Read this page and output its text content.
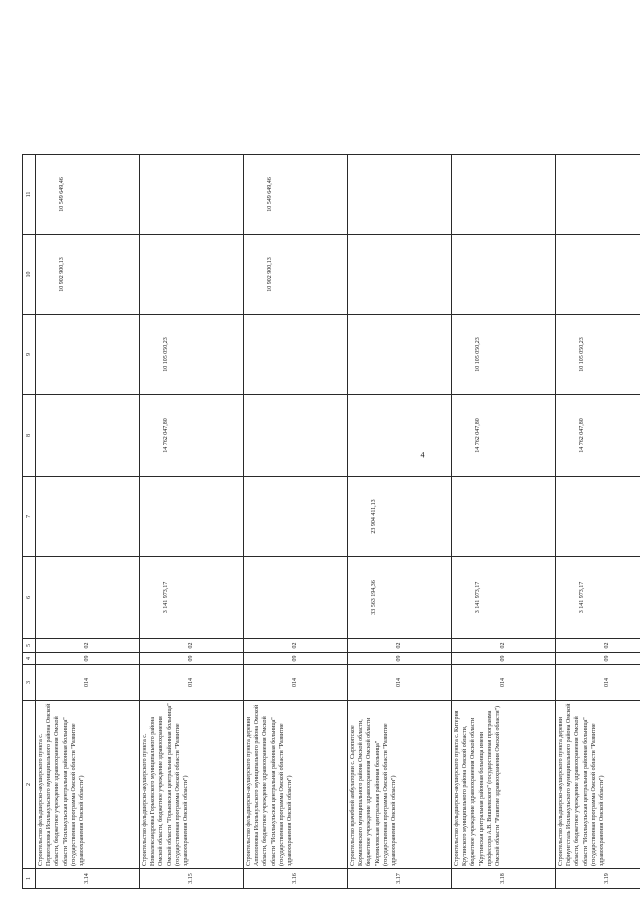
4
1	2	3	4	5	6	7	8	9	10	11
3.14	Строительство фельдшерско-акушерского пункта с. Первотаровка Исилькульского муниципального района Омской области, бюджетное учреждение здравоохранения Омской области "Исилькульская центральная районная больница" (государственная программа Омской области "Развитие здравоохранения Омской области")	014	09	02					10 902 900,13	10 549 649,46
3.15	Строительство фельдшерско-акушерского пункта с. Новоалександровка Горьковского муниципального района Омской области, бюджетное учреждение здравоохранения Омской области "Горьковская центральная районная больница" (государственная программа Омской области "Развитие здравоохранения Омской области")	014	09	02	3 141 973,17		14 762 047,80	10 105 050,23		
3.16	Строительство фельдшерско-акушерского пункта деревни Апполоновка Исилькульского муниципального района Омской области, бюджетное учреждение здравоохранения Омской области "Исилькульская центральная районная больница" (государственная программа Омской области "Развитие здравоохранения Омской области")	014	09	02					10 902 900,13	10 549 649,46
3.17	Строительство врачебной амбулатории с. Сыропятское Кормиловского муниципального района Омской области, бюджетное учреждение здравоохранения Омской области "Кормиловская центральная районная больница" (государственная программа Омской области "Развитие здравоохранения Омской области")	014	09	02	33 563 194,36	23 904 411,13				
3.18	Строительство фельдшерско-акушерского пункта с. Китерня Крутинского муниципального района Омской области, бюджетное учреждение здравоохранения Омской области "Крутинская центральная районная больница имени профессора А.В. Вишневского" (государственная программа Омской области "Развитие здравоохранения Омской области")	014	09	02	3 141 973,17		14 762 047,80	10 105 050,23		
3.19	Строительство фельдшерско-акушерского пункта деревни Гофнунгсталь Исилькульского муниципального района Омской области, бюджетное учреждение здравоохранения Омской области "Исилькульская центральная районная больница" (государственная программа Омской области "Развитие здравоохранения Омской области")	014	09	02	3 141 973,17		14 762 047,80	10 105 050,23		
